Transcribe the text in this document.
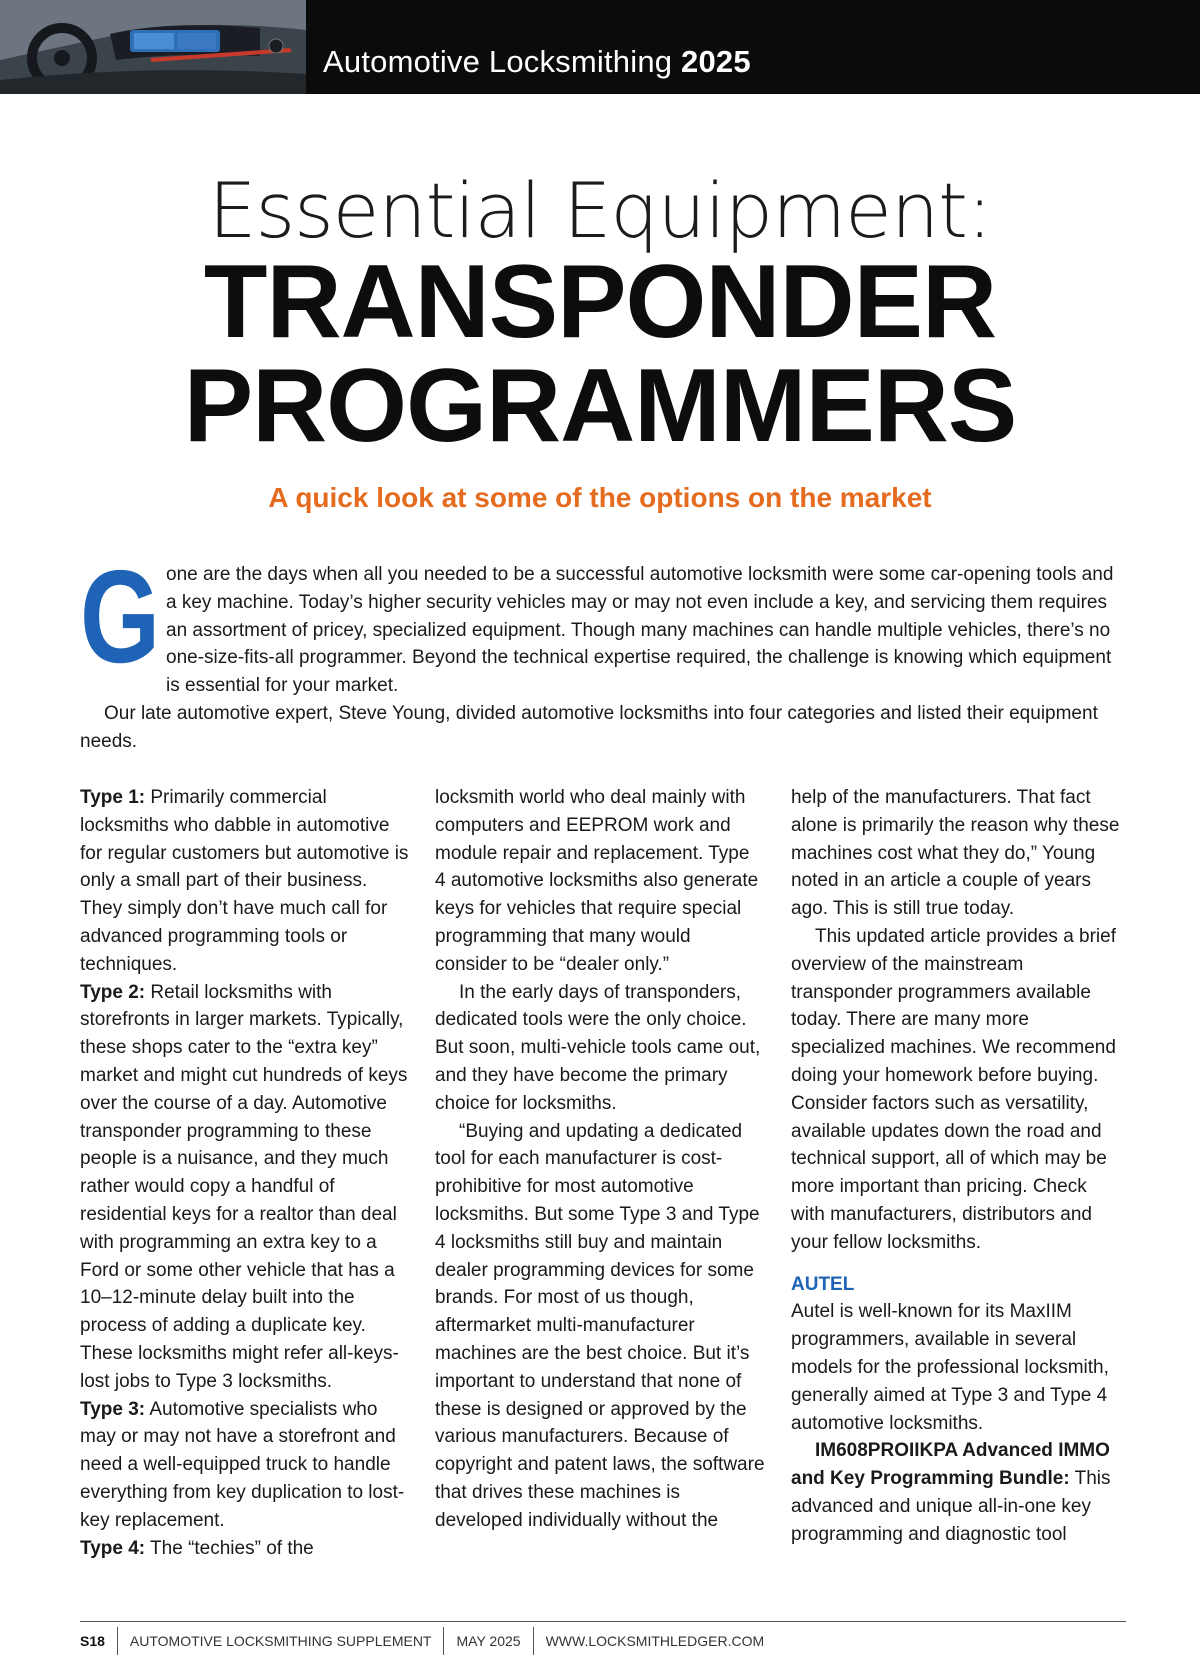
Automotive Locksmithing 2025
Essential Equipment:
TRANSPONDER
PROGRAMMERS
A quick look at some of the options on the market
G one are the days when all you needed to be a successful automotive locksmith were some car-opening tools and a key machine. Today’s higher security vehicles may or may not even include a key, and servicing them requires an assortment of pricey, specialized equipment. Though many machines can handle multiple vehicles, there’s no one-size-fits-all programmer. Beyond the technical expertise required, the challenge is knowing which equipment is essential for your market.

Our late automotive expert, Steve Young, divided automotive locksmiths into four categories and listed their equipment needs.

Type 1: Primarily commercial locksmiths who dabble in automotive for regular customers but automotive is only a small part of their business. They simply don’t have much call for advanced programming tools or techniques.

Type 2: Retail locksmiths with storefronts in larger markets. Typically, these shops cater to the “extra key” market and might cut hundreds of keys over the course of a day. Automotive transponder programming to these people is a nuisance, and they much rather would copy a handful of residential keys for a realtor than deal with programming an extra key to a Ford or some other vehicle that has a 10–12-minute delay built into the process of adding a duplicate key. These locksmiths might refer all-keys-lost jobs to Type 3 locksmiths.

Type 3: Automotive specialists who may or may not have a storefront and need a well-equipped truck to handle everything from key duplication to lost-key replacement.

Type 4: The “techies” of the

locksmith world who deal mainly with computers and EEPROM work and module repair and replacement. Type 4 automotive locksmiths also generate keys for vehicles that require special programming that many would consider to be “dealer only.”

In the early days of transponders, dedicated tools were the only choice. But soon, multi-vehicle tools came out, and they have become the primary choice for locksmiths.

“Buying and updating a dedicated tool for each manufacturer is cost-prohibitive for most automotive locksmiths. But some Type 3 and Type 4 locksmiths still buy and maintain dealer programming devices for some brands. For most of us though, aftermarket multi-manufacturer machines are the best choice. But it’s important to understand that none of these is designed or approved by the various manufacturers. Because of copyright and patent laws, the software that drives these machines is developed individually without the

help of the manufacturers. That fact alone is primarily the reason why these machines cost what they do,” Young noted in an article a couple of years ago. This is still true today.

This updated article provides a brief overview of the mainstream transponder programmers available today. There are many more specialized machines. We recommend doing your homework before buying. Consider factors such as versatility, available updates down the road and technical support, all of which may be more important than pricing. Check with manufacturers, distributors and your fellow locksmiths.

AUTEL

Autel is well-known for its MaxIIM programmers, available in several models for the professional locksmith, generally aimed at Type 3 and Type 4 automotive locksmiths.

IM608PROIIKPA Advanced IMMO and Key Programming Bundle: This advanced and unique all-in-one key programming and diagnostic tool

S18 AUTOMOTIVE LOCKSMITHING SUPPLEMENT MAY 2025 WWW.LOCKSMITHLEDGER.COM
